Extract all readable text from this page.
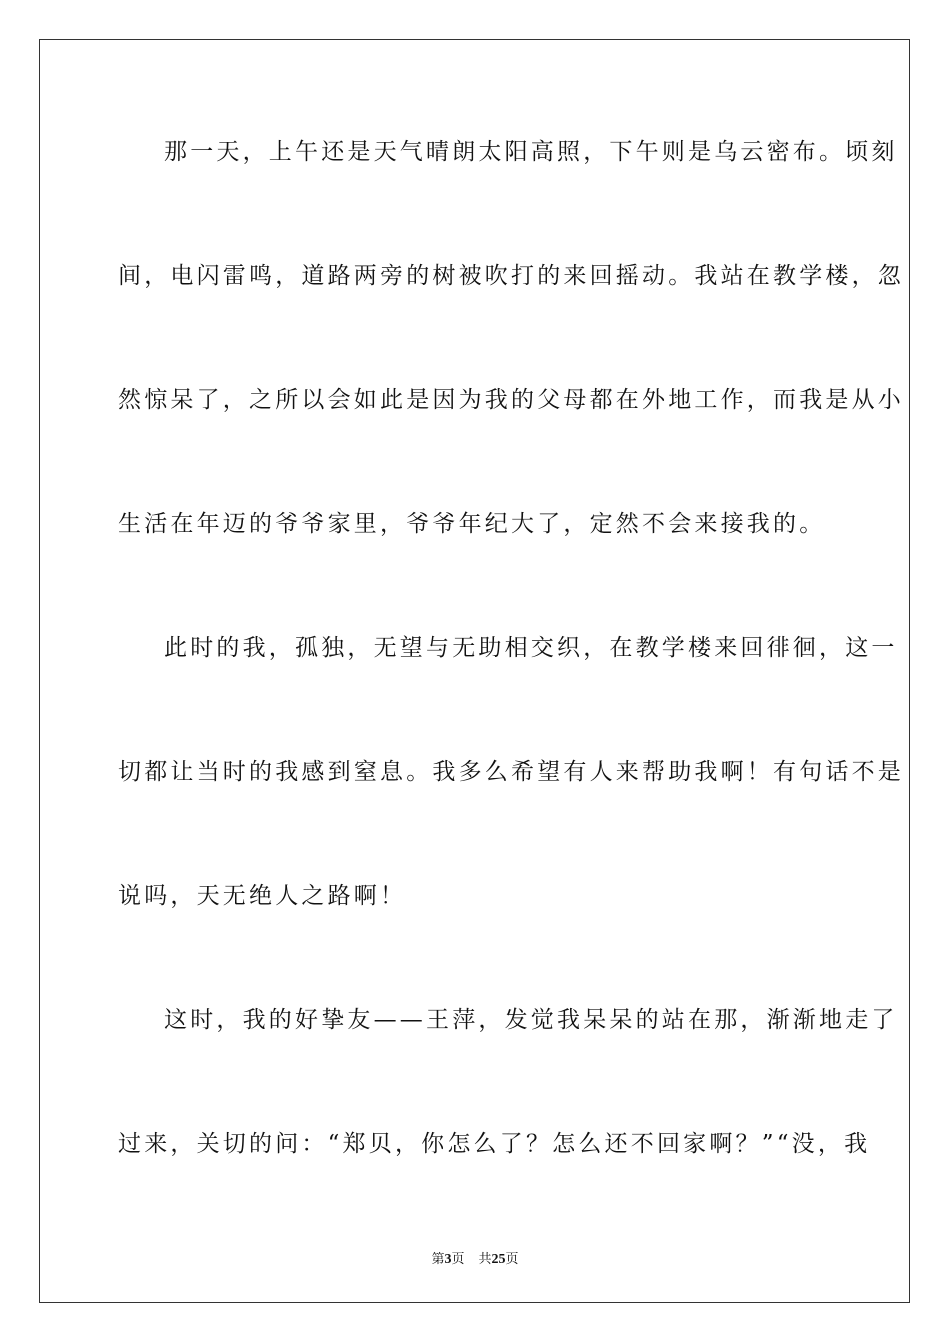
那一天，上午还是天气晴朗太阳高照，下午则是乌云密布。顷刻
间，电闪雷鸣，道路两旁的树被吹打的来回摇动。我站在教学楼，忽
然惊呆了，之所以会如此是因为我的父母都在外地工作，而我是从小
生活在年迈的爷爷家里，爷爷年纪大了，定然不会来接我的。
此时的我，孤独，无望与无助相交织，在教学楼来回徘徊，这一
切都让当时的我感到窒息。我多么希望有人来帮助我啊！有句话不是
说吗，天无绝人之路啊！
这时，我的好挚友——王萍，发觉我呆呆的站在那，渐渐地走了
过来，关切的问：“郑贝，你怎么了？怎么还不回家啊？”“没，我
第3页 共25页
